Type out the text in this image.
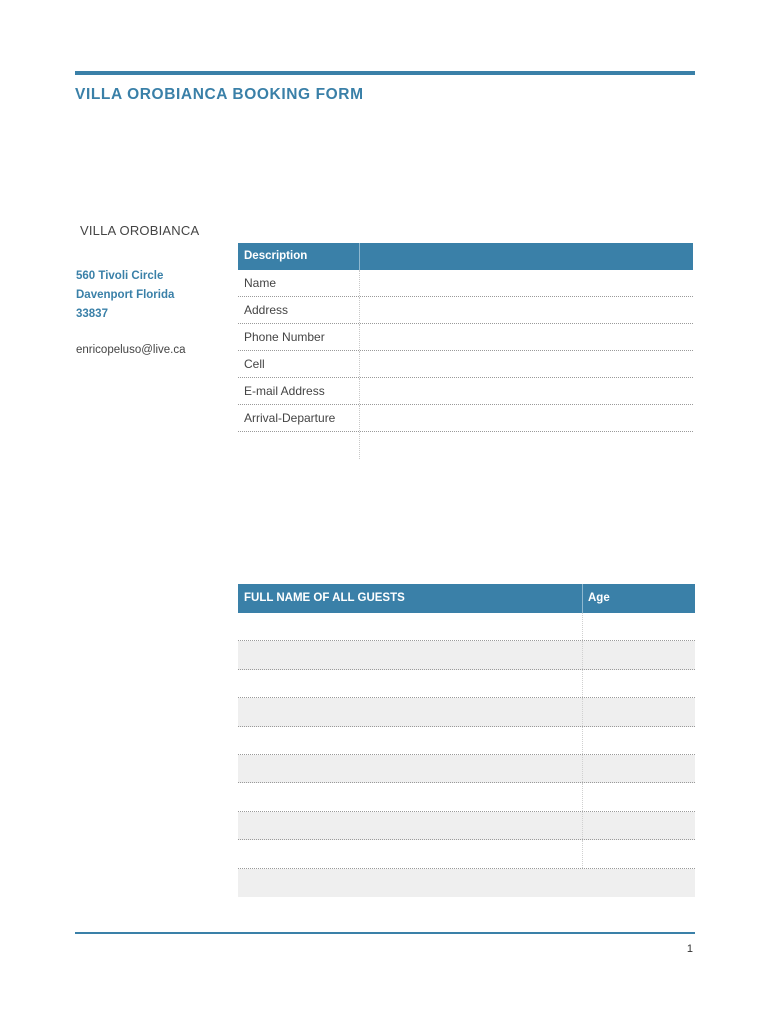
VILLA OROBIANCA BOOKING FORM
VILLA OROBIANCA
560 Tivoli Circle
Davenport Florida
33837
enricopeluso@live.ca
Description
Name
Address
Phone Number
Cell
E-mail Address
Arrival-Departure
FULL NAME OF ALL GUESTS	Age
1
